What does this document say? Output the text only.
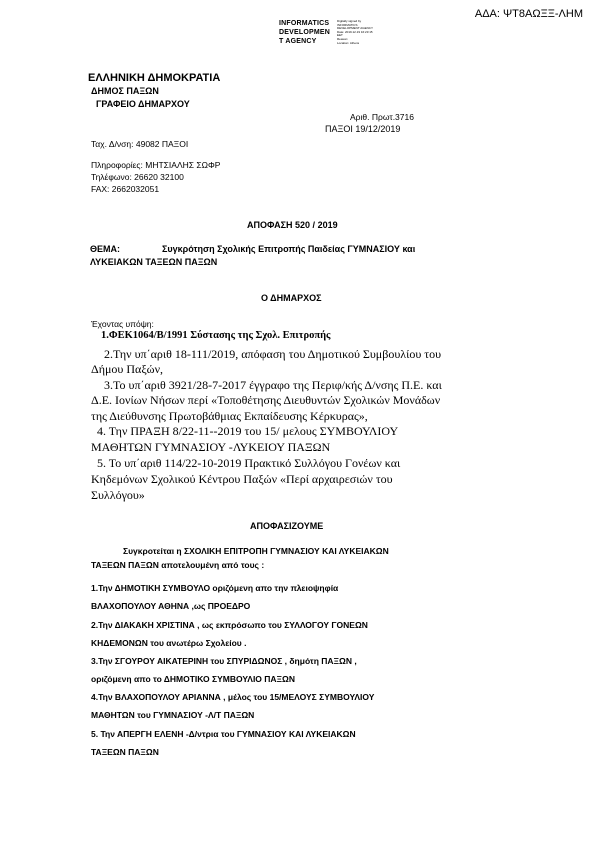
ΑΔΑ: ΨΤ8ΑΩΞΞ-ΛΗΜ
INFORMATICS
DEVELOPMEN
T AGENCY
Digitally signed by
INFORMATICS
DEVELOPMENT AGENCY
Date: 2019.12.19 16:23:15
EET
Reason:
Location: Athens
ΕΛΛΗΝΙΚΗ ΔΗΜΟΚΡΑΤΙΑ
ΔΗΜΟΣ ΠΑΞΩΝ
ΓΡΑΦΕΙΟ ΔΗΜΑΡΧΟΥ
Αριθ. Πρωτ.3716
ΠΑΞΟΙ 19/12/2019
Ταχ. Δ/νση: 49082 ΠΑΞΟΙ
Πληροφορίες: ΜΗΤΣΙΑΛΗΣ ΣΩΦΡ
Τηλέφωνο: 26620 32100
FAX: 2662032051
ΑΠΟΦΑΣΗ 520 / 2019
ΘΕΜΑ:	Συγκρότηση Σχολικής Επιτροπής Παιδείας ΓΥΜΝΑΣΙΟΥ και
ΛΥΚΕΙΑΚΩΝ ΤΑΞΕΩΝ ΠΑΞΩΝ
Ο ΔΗΜΑΡΧΟΣ
Έχοντας υπόψη:
1.ΦΕΚ1064/Β/1991 Σύστασης της Σχολ. Επιτροπής
2.Την υπ΄αριθ 18-111/2019, απόφαση του Δημοτικού Συμβουλίου του
Δήμου Παξών,
3.Το υπ΄αριθ 3921/28-7-2017 έγγραφο της Περιφ/κής Δ/νσης Π.Ε. και
Δ.Ε. Ιονίων Νήσων περί «Τοποθέτησης Διευθυντών Σχολικών Μονάδων
της Διεύθυνσης Πρωτοβάθμιας Εκπαίδευσης Κέρκυρας»,
4. Την ΠΡΑΞΗ 8/22-11--2019 του 15/ μελους ΣΥΜΒΟΥΛΙΟΥ
ΜΑΘΗΤΩΝ ΓΥΜΝΑΣΙΟΥ -ΛΥΚΕΙΟΥ ΠΑΞΩΝ
5. Το υπ΄αριθ 114/22-10-2019 Πρακτικό Συλλόγου Γονέων και
Κηδεμόνων Σχολικού Κέντρου Παξών «Περί αρχαιρεσιών του
Συλλόγου»
ΑΠΟΦΑΣΙΖΟΥΜΕ
Συγκροτείται η ΣΧΟΛΙΚΗ ΕΠΙΤΡΟΠΗ ΓΥΜΝΑΣΙΟΥ ΚΑΙ ΛΥΚΕΙΑΚΩΝ
ΤΑΞΕΩΝ ΠΑΞΩΝ αποτελουμένη από τους :
1.Την ΔΗΜΟΤΙΚΗ ΣΥΜΒΟΥΛΟ οριζόμενη απο την πλειοψηφία
ΒΛΑΧΟΠΟΥΛΟΥ ΑΘΗΝΑ ,ως ΠΡΟΕΔΡΟ
2.Την ΔΙΑΚΑΚΗ ΧΡΙΣΤΙΝΑ , ως εκπρόσωπο του ΣΥΛΛΟΓΟΥ ΓΟΝΕΩΝ
ΚΗΔΕΜΟΝΩΝ του ανωτέρω Σχολείου .
3.Την ΣΓΟΥΡΟΥ ΑΙΚΑΤΕΡΙΝΗ του ΣΠΥΡΙΔΩΝΟΣ , δημότη ΠΑΞΩΝ ,
οριζόμενη απο το ΔΗΜΟΤΙΚΟ ΣΥΜΒΟΥΛΙΟ ΠΑΞΩΝ
4.Την ΒΛΑΧΟΠΟΥΛΟΥ ΑΡΙΑΝΝΑ , μέλος του 15/ΜΕΛΟΥΣ ΣΥΜΒΟΥΛΙΟΥ
ΜΑΘΗΤΩΝ του ΓΥΜΝΑΣΙΟΥ -Λ/Τ ΠΑΞΩΝ
5. Την ΑΠΕΡΓΗ ΕΛΕΝΗ -Δ/ντρια του ΓΥΜΝΑΣΙΟΥ ΚΑΙ ΛΥΚΕΙΑΚΩΝ
ΤΑΞΕΩΝ ΠΑΞΩΝ
